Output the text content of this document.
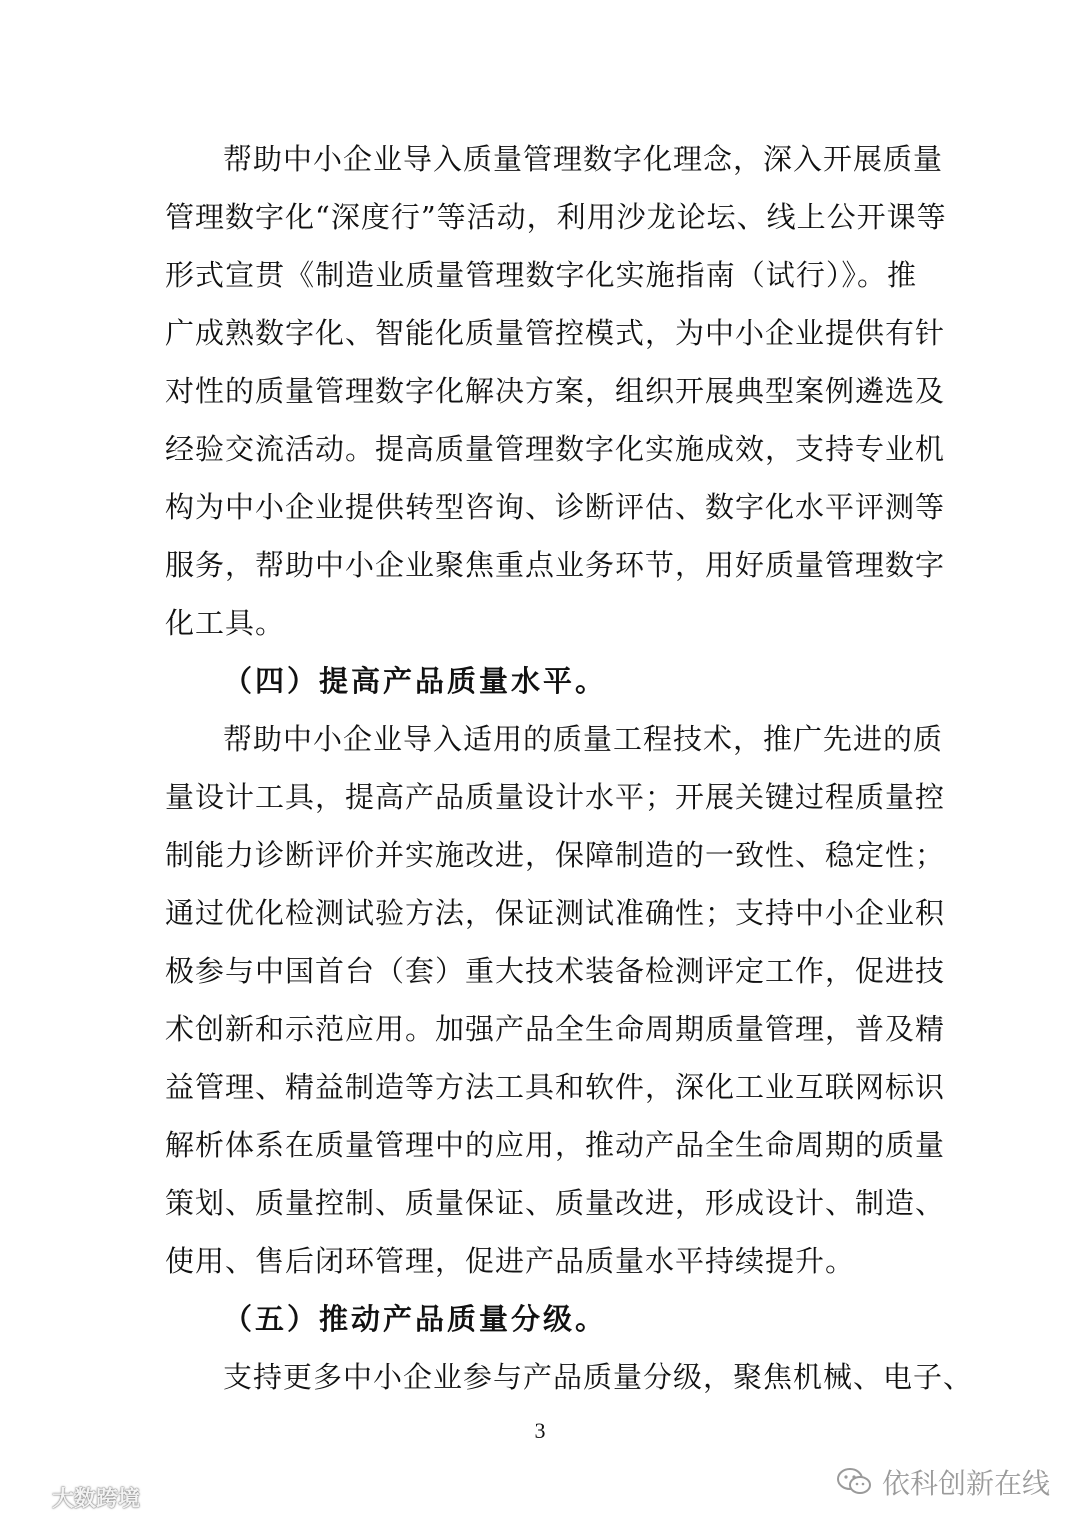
帮助中小企业导入质量管理数字化理念，深入开展质量
管理数字化“深度行”等活动，利用沙龙论坛、线上公开课等
形式宣贯《制造业质量管理数字化实施指南（试行）》。推
广成熟数字化、智能化质量管控模式，为中小企业提供有针
对性的质量管理数字化解决方案，组织开展典型案例遴选及
经验交流活动。提高质量管理数字化实施成效，支持专业机
构为中小企业提供转型咨询、诊断评估、数字化水平评测等
服务，帮助中小企业聚焦重点业务环节，用好质量管理数字
化工具。
（四）提高产品质量水平。
帮助中小企业导入适用的质量工程技术，推广先进的质
量设计工具，提高产品质量设计水平；开展关键过程质量控
制能力诊断评价并实施改进，保障制造的一致性、稳定性；
通过优化检测试验方法，保证测试准确性；支持中小企业积
极参与中国首台（套）重大技术装备检测评定工作，促进技
术创新和示范应用。加强产品全生命周期质量管理，普及精
益管理、精益制造等方法工具和软件，深化工业互联网标识
解析体系在质量管理中的应用，推动产品全生命周期的质量
策划、质量控制、质量保证、质量改进，形成设计、制造、
使用、售后闭环管理，促进产品质量水平持续提升。
（五）推动产品质量分级。
支持更多中小企业参与产品质量分级，聚焦机械、电子、
3
大数跨境	依科创新在线
